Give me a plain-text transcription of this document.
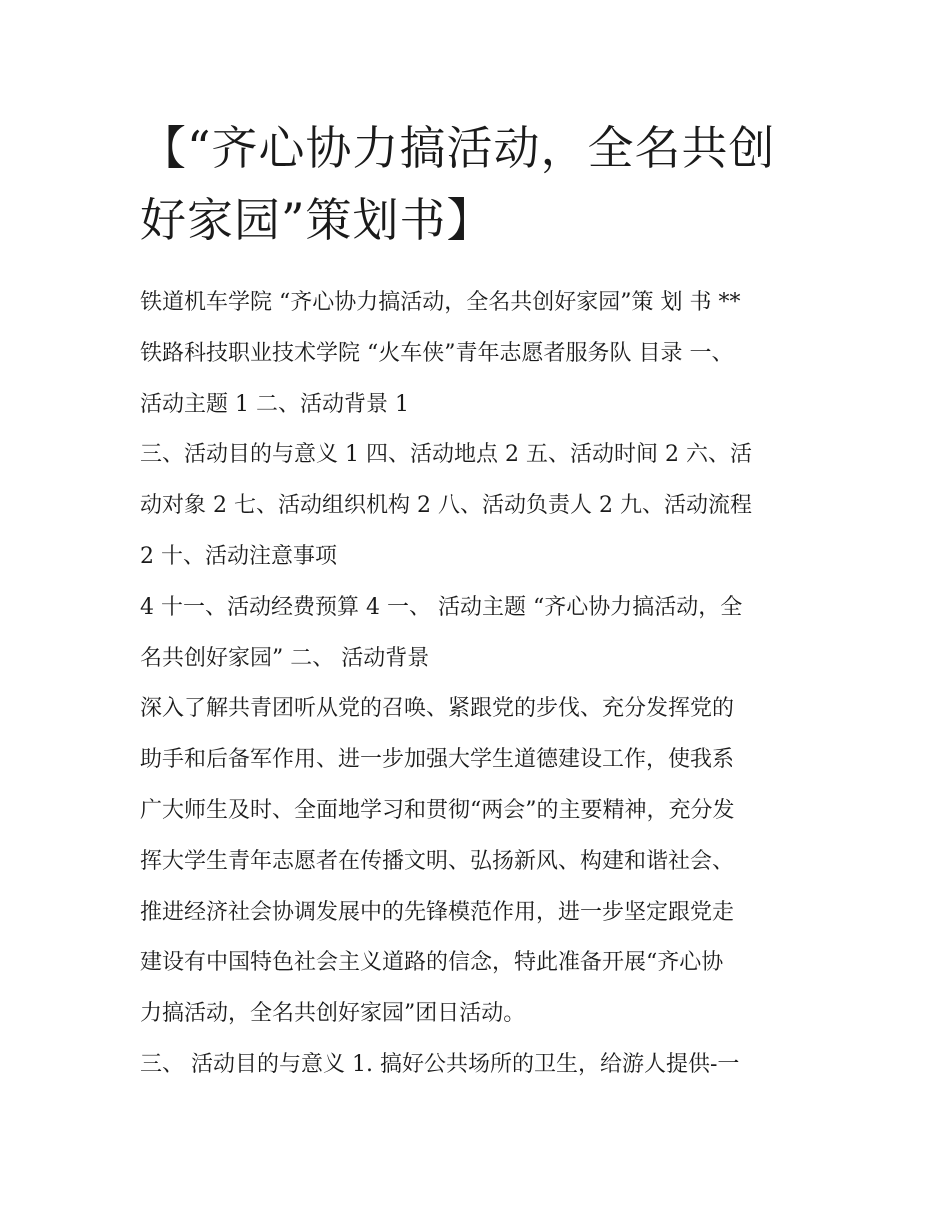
【“齐心协力搞活动，全名共创
好家园”策划书】

铁道机车学院 “齐心协力搞活动，全名共创好家园”策 划 书 **
铁路科技职业技术学院 “火车侠”青年志愿者服务队 目录 一、
活动主题 1 二、活动背景 1

三、活动目的与意义 1 四、活动地点 2 五、活动时间 2 六、活
动对象 2 七、活动组织机构 2 八、活动负责人 2 九、活动流程
2 十、活动注意事项

4 十一、活动经费预算 4 一、 活动主题 “齐心协力搞活动，全
名共创好家园” 二、 活动背景

深入了解共青团听从党的召唤、紧跟党的步伐、充分发挥党的
助手和后备军作用、进一步加强大学生道德建设工作，使我系
广大师生及时、全面地学习和贯彻“两会”的主要精神，充分发
挥大学生青年志愿者在传播文明、弘扬新风、构建和谐社会、
推进经济社会协调发展中的先锋模范作用，进一步坚定跟党走
建设有中国特色社会主义道路的信念，特此准备开展“齐心协
力搞活动，全名共创好家园”团日活动。

三、 活动目的与意义 1. 搞好公共场所的卫生，给游人提供-一
